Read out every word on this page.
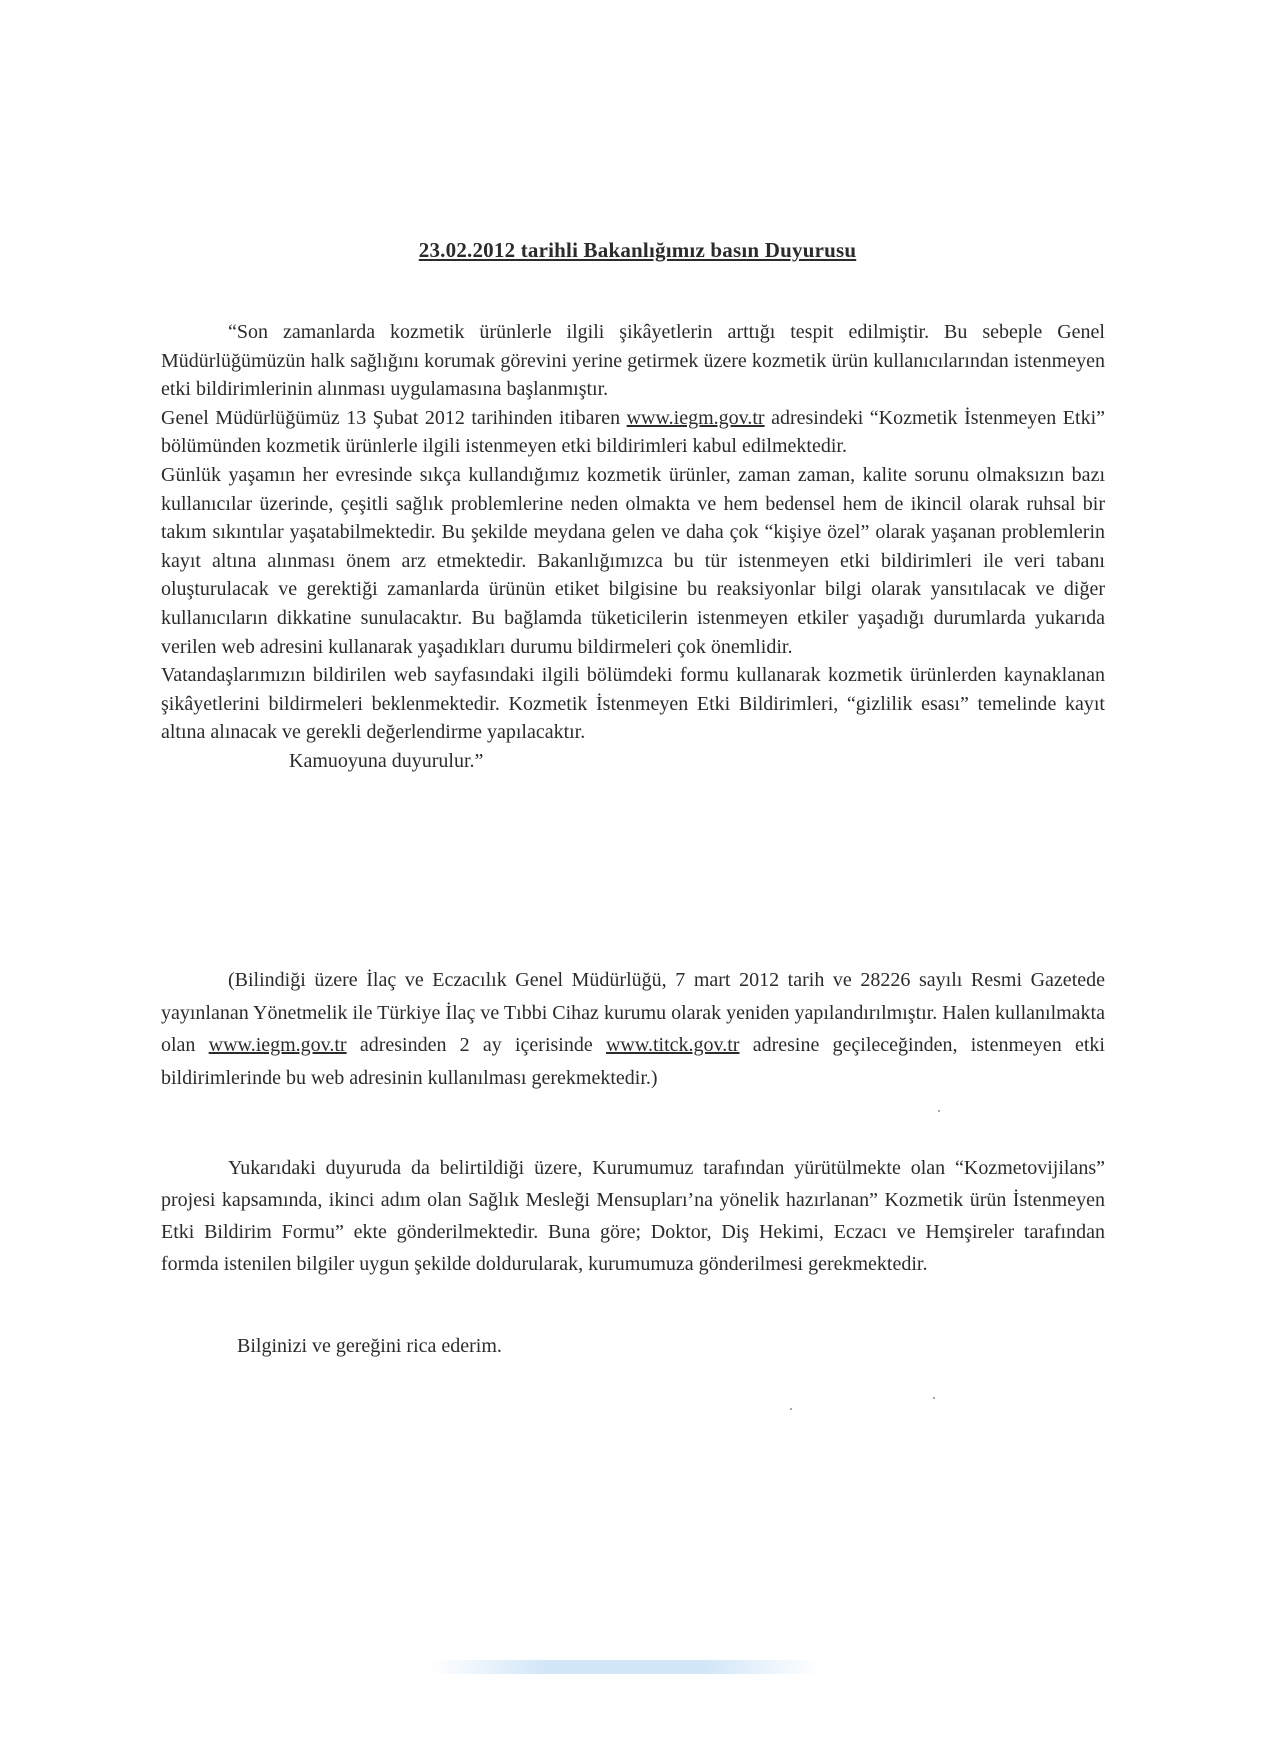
23.02.2012 tarihli Bakanlığımız basın Duyurusu

“Son zamanlarda kozmetik ürünlerle ilgili şikâyetlerin arttığı tespit edilmiştir. Bu sebeple Genel Müdürlüğümüzün halk sağlığını korumak görevini yerine getirmek üzere kozmetik ürün kullanıcılarından istenmeyen etki bildirimlerinin alınması uygulamasına başlanmıştır.

Genel Müdürlüğümüz 13 Şubat 2012 tarihinden itibaren www.iegm.gov.tr adresindeki “Kozmetik İstenmeyen Etki” bölümünden kozmetik ürünlerle ilgili istenmeyen etki bildirimleri kabul edilmektedir.

Günlük yaşamın her evresinde sıkça kullandığımız kozmetik ürünler, zaman zaman, kalite sorunu olmaksızın bazı kullanıcılar üzerinde, çeşitli sağlık problemlerine neden olmakta ve hem bedensel hem de ikincil olarak ruhsal bir takım sıkıntılar yaşatabilmektedir. Bu şekilde meydana gelen ve daha çok “kişiye özel” olarak yaşanan problemlerin kayıt altına alınması önem arz etmektedir. Bakanlığımızca bu tür istenmeyen etki bildirimleri ile veri tabanı oluşturulacak ve gerektiği zamanlarda ürünün etiket bilgisine bu reaksiyonlar bilgi olarak yansıtılacak ve diğer kullanıcıların dikkatine sunulacaktır. Bu bağlamda tüketicilerin istenmeyen etkiler yaşadığı durumlarda yukarıda verilen web adresini kullanarak yaşadıkları durumu bildirmeleri çok önemlidir.

Vatandaşlarımızın bildirilen web sayfasındaki ilgili bölümdeki formu kullanarak kozmetik ürünlerden kaynaklanan şikâyetlerini bildirmeleri beklenmektedir. Kozmetik İstenmeyen Etki Bildirimleri, “gizlilik esası” temelinde kayıt altına alınacak ve gerekli değerlendirme yapılacaktır.

Kamuoyuna duyurulur.”

(Bilindiği üzere İlaç ve Eczacılık Genel Müdürlüğü, 7 mart 2012 tarih ve 28226 sayılı Resmi Gazetede yayınlanan Yönetmelik ile Türkiye İlaç ve Tıbbi Cihaz kurumu olarak yeniden yapılandırılmıştır. Halen kullanılmakta olan www.iegm.gov.tr adresinden 2 ay içerisinde www.titck.gov.tr adresine geçileceğinden, istenmeyen etki bildirimlerinde bu web adresinin kullanılması gerekmektedir.)

Yukarıdaki duyuruda da belirtildiği üzere, Kurumumuz tarafından yürütülmekte olan “Kozmetovijilans” projesi kapsamında, ikinci adım olan Sağlık Mesleği Mensupları’na yönelik hazırlanan” Kozmetik ürün İstenmeyen Etki Bildirim Formu” ekte gönderilmektedir. Buna göre; Doktor, Diş Hekimi, Eczacı ve Hemşireler tarafından formda istenilen bilgiler uygun şekilde doldurularak, kurumumuza gönderilmesi gerekmektedir.

Bilginizi ve gereğini rica ederim.
